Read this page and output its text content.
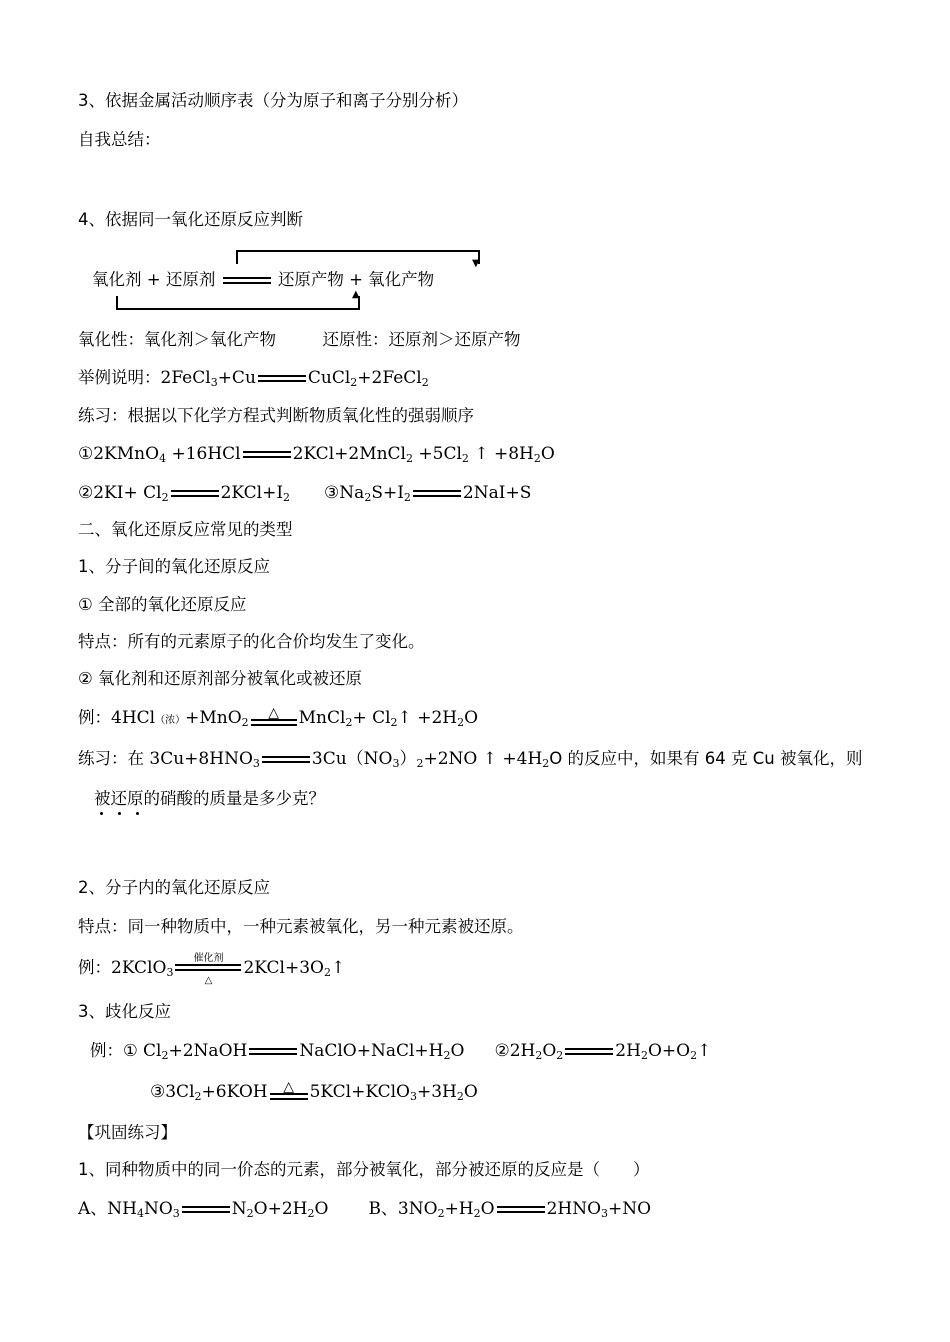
3、依据金属活动顺序表（分为原子和离子分别分析）
自我总结：
4、依据同一氧化还原反应判断
▼
氧化剂 + 还原剂	还原产物 + 氧化产物
▲
氧化性：氧化剂＞氧化产物	还原性：还原剂＞还原产物
举例说明：2FeCl$_3$+Cu	CuCl$_2$+2FeCl$_2$
练习：根据以下化学方程式判断物质氧化性的强弱顺序
①2KMnO$_4$ +16HCl	2KCl+2MnCl$_2$ $+5Cl_2$ ↑ $+8H_2O$
②2KI+ $Cl_2$	$2KCl+I_2$ $③Na_2S+I_2$	2NaI+S
二、氧化还原反应常见的类型
1、分子间的氧化还原反应
① 全部的氧化还原反应
特点：所有的元素原子的化合价均发生了变化。
② 氧化剂和还原剂部分被氧化或被还原
例：4HCl（浓）+MnO$_2$
△	MnCl$_2$+ $Cl_2↑ +2H_2O$
练习：在 $3Cu+8HNO_3$	$3Cu(NO_3)_2+2NO$ ↑ $+4H_2O$ 的反应中，如果有 64 克 Cu 被氧化，则
被还原的硝酸的质量是多少克？
2、分子内的氧化还原反应
特点：同一种物质中，一种元素被氧化，另一种元素被还原。
例：2KClO$_3$
催化剂
△
$2KCl+3O_2↑$
3、歧化反应
例：① $Cl_2+2NaOH$	$NaClO+NaCl+H_2O$ $②2H_2O_2$	$2H_2O+O_2↑$
$③3Cl_2+6KOH$	△ $5KCl+KClO_3+3H_2O$
【巩固练习】
1、同种物质中的同一价态的元素，部分被氧化，部分被还原的反应是（　　）
A、$NH_4NO_3$	$N_2O+2H_2O$ B、$3NO_2+H_2O$	$2HNO_3+NO$
